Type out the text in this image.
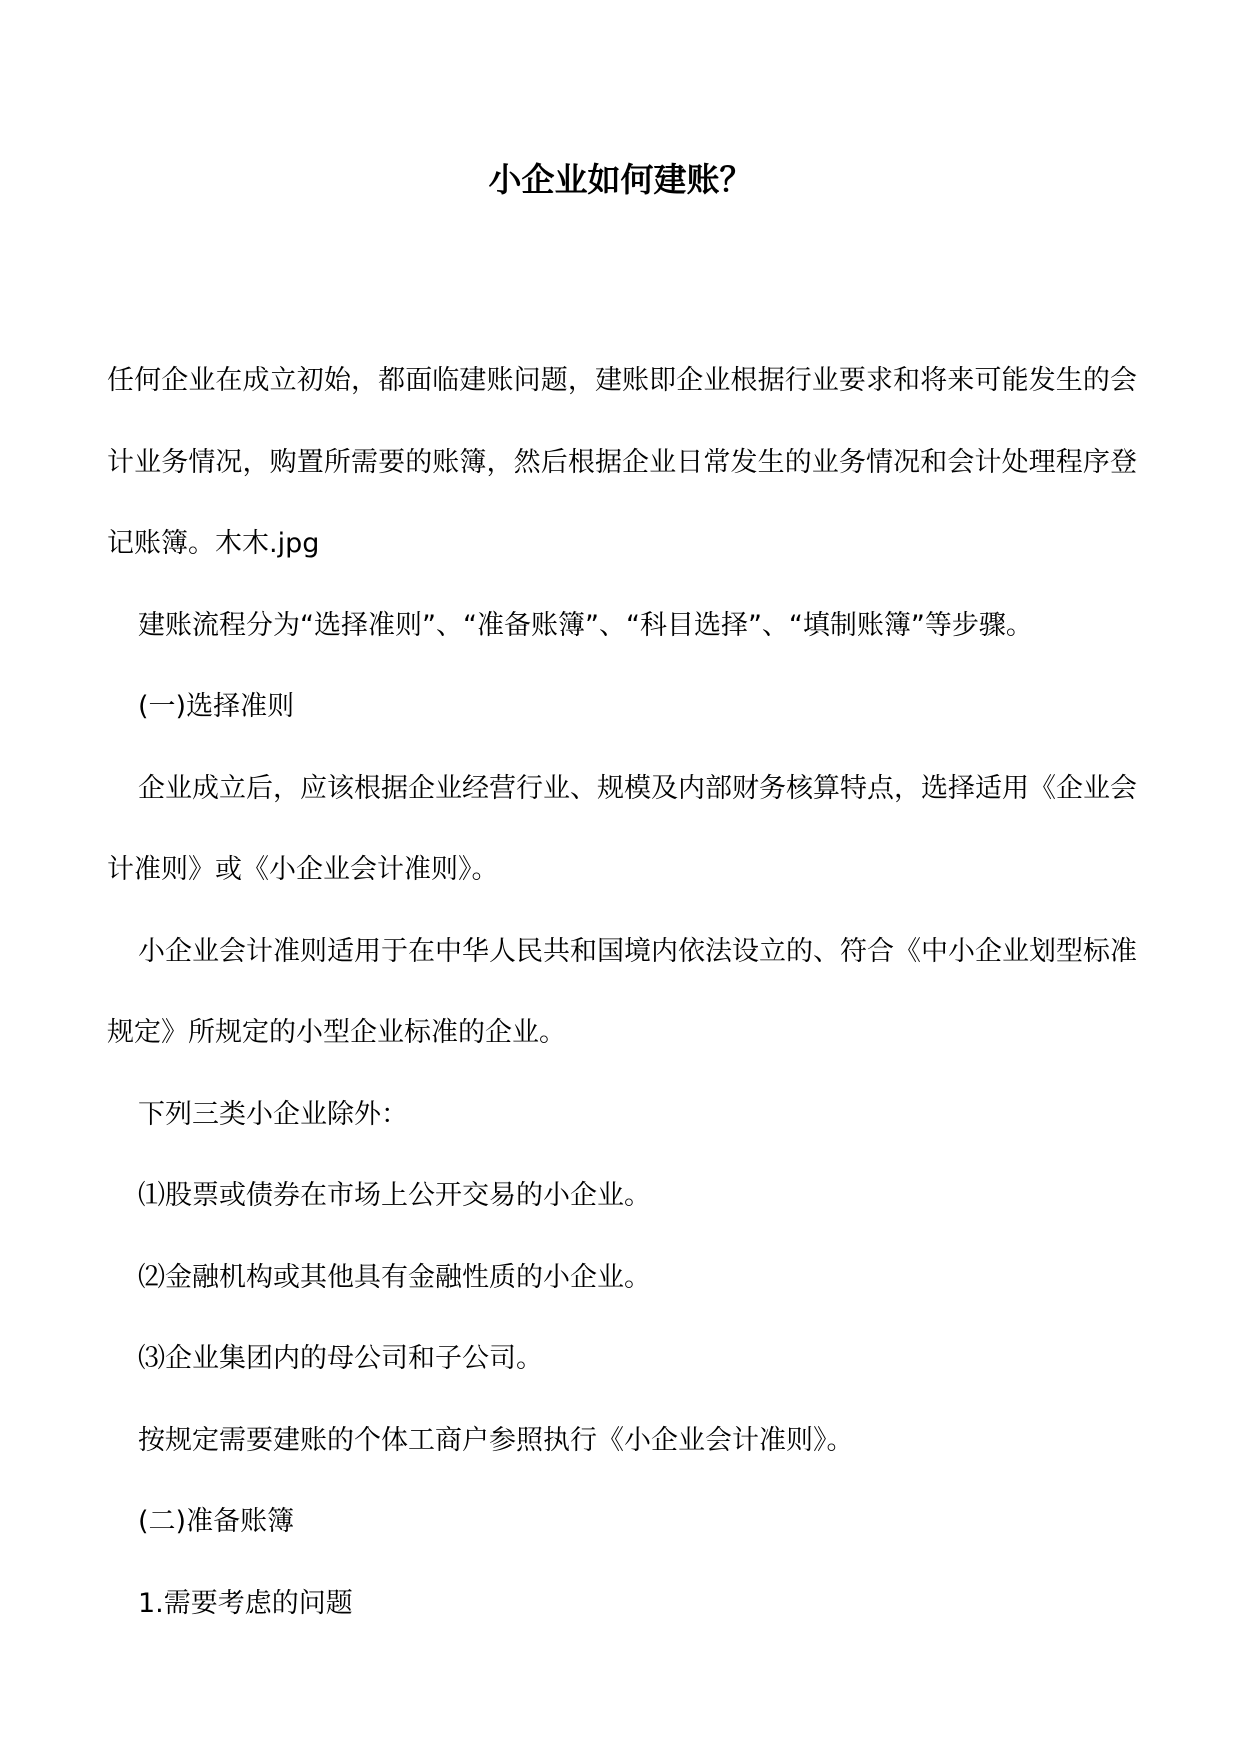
小企业如何建账？

任何企业在成立初始，都面临建账问题，建账即企业根据行业要求和将来可能发生的会计业务情况，购置所需要的账簿，然后根据企业日常发生的业务情况和会计处理程序登记账簿。木木.jpg

建账流程分为“选择准则”、“准备账簿”、“科目选择”、“填制账簿”等步骤。

(一)选择准则

企业成立后，应该根据企业经营行业、规模及内部财务核算特点，选择适用《企业会计准则》或《小企业会计准则》。

小企业会计准则适用于在中华人民共和国境内依法设立的、符合《中小企业划型标准规定》所规定的小型企业标准的企业。

下列三类小企业除外：

⑴股票或债券在市场上公开交易的小企业。

⑵金融机构或其他具有金融性质的小企业。

⑶企业集团内的母公司和子公司。

按规定需要建账的个体工商户参照执行《小企业会计准则》。

(二)准备账簿

1.需要考虑的问题
